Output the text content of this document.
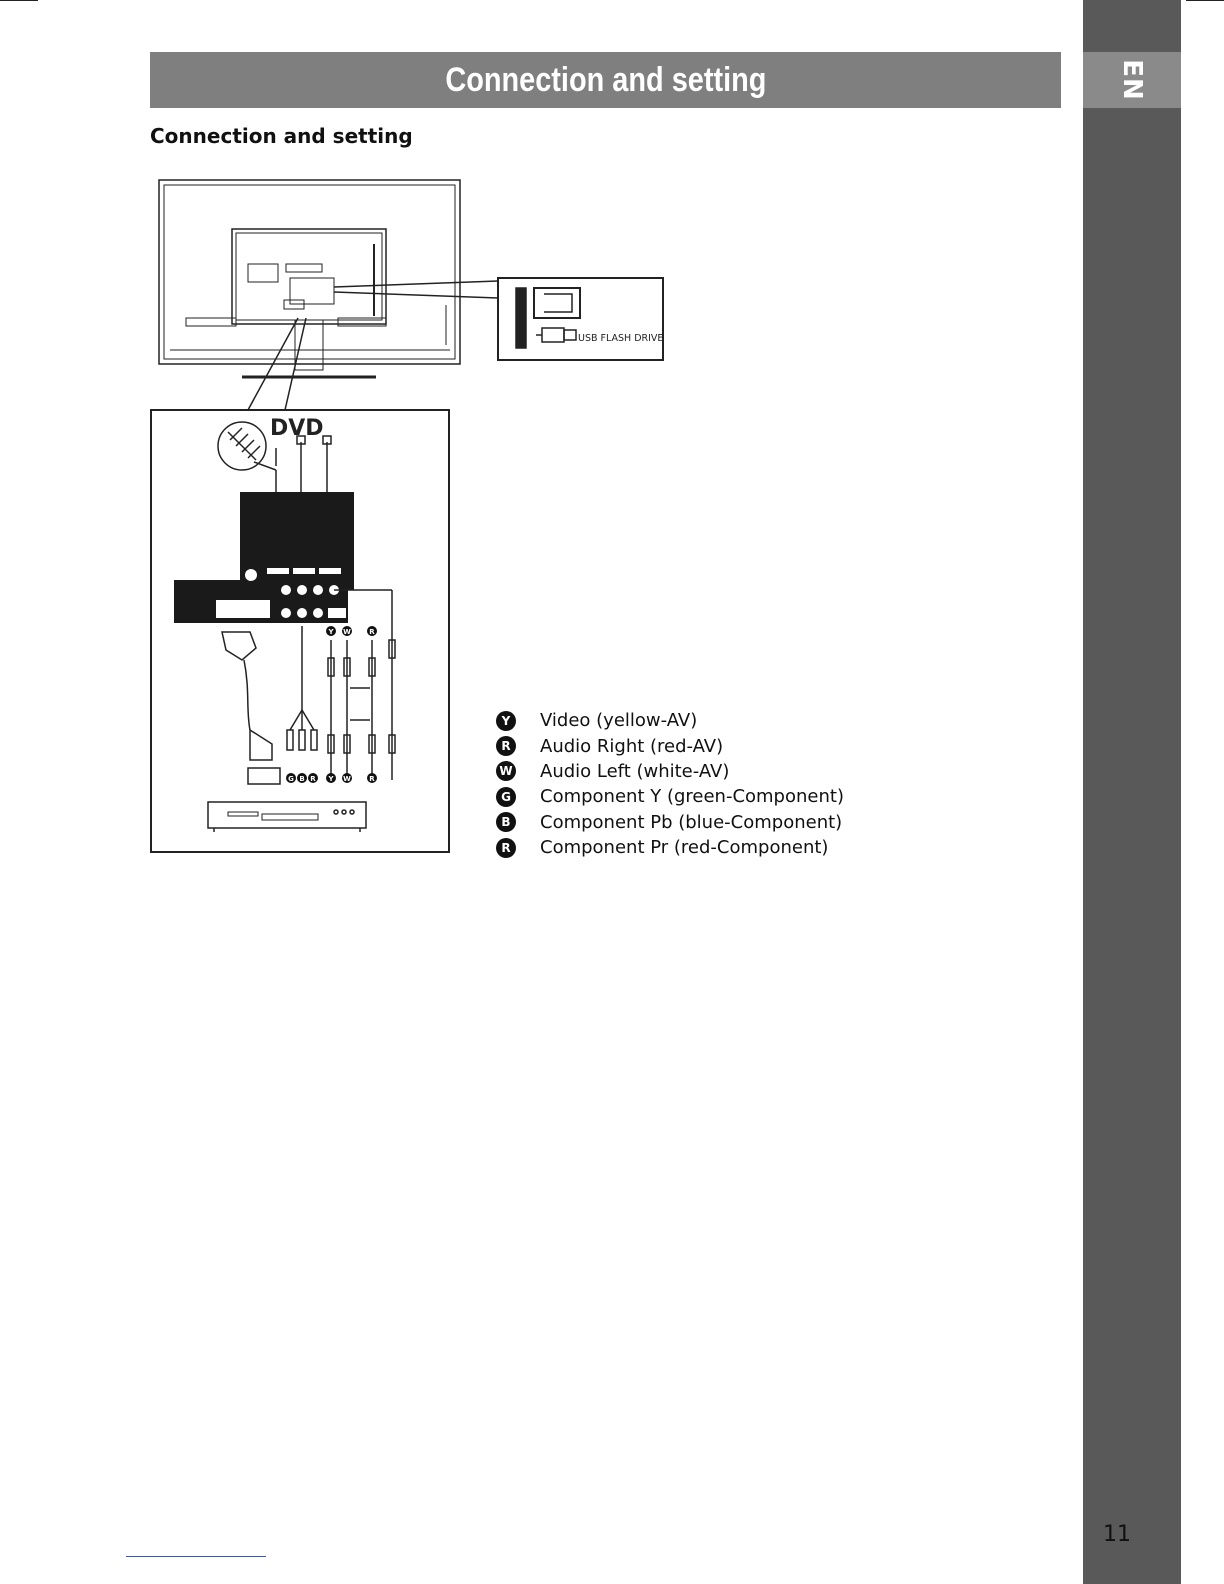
EN
11
Connection and setting
Connection and setting
USB FLASH DRIVE
DVD
Y W	R
G B R Y W	R
Y	Video (yellow-AV)
R Audio Right (red-AV)
W Audio Left (white-AV)
G Component Y (green-Component)
B	Component Pb (blue-Component)
R Component Pr (red-Component)
